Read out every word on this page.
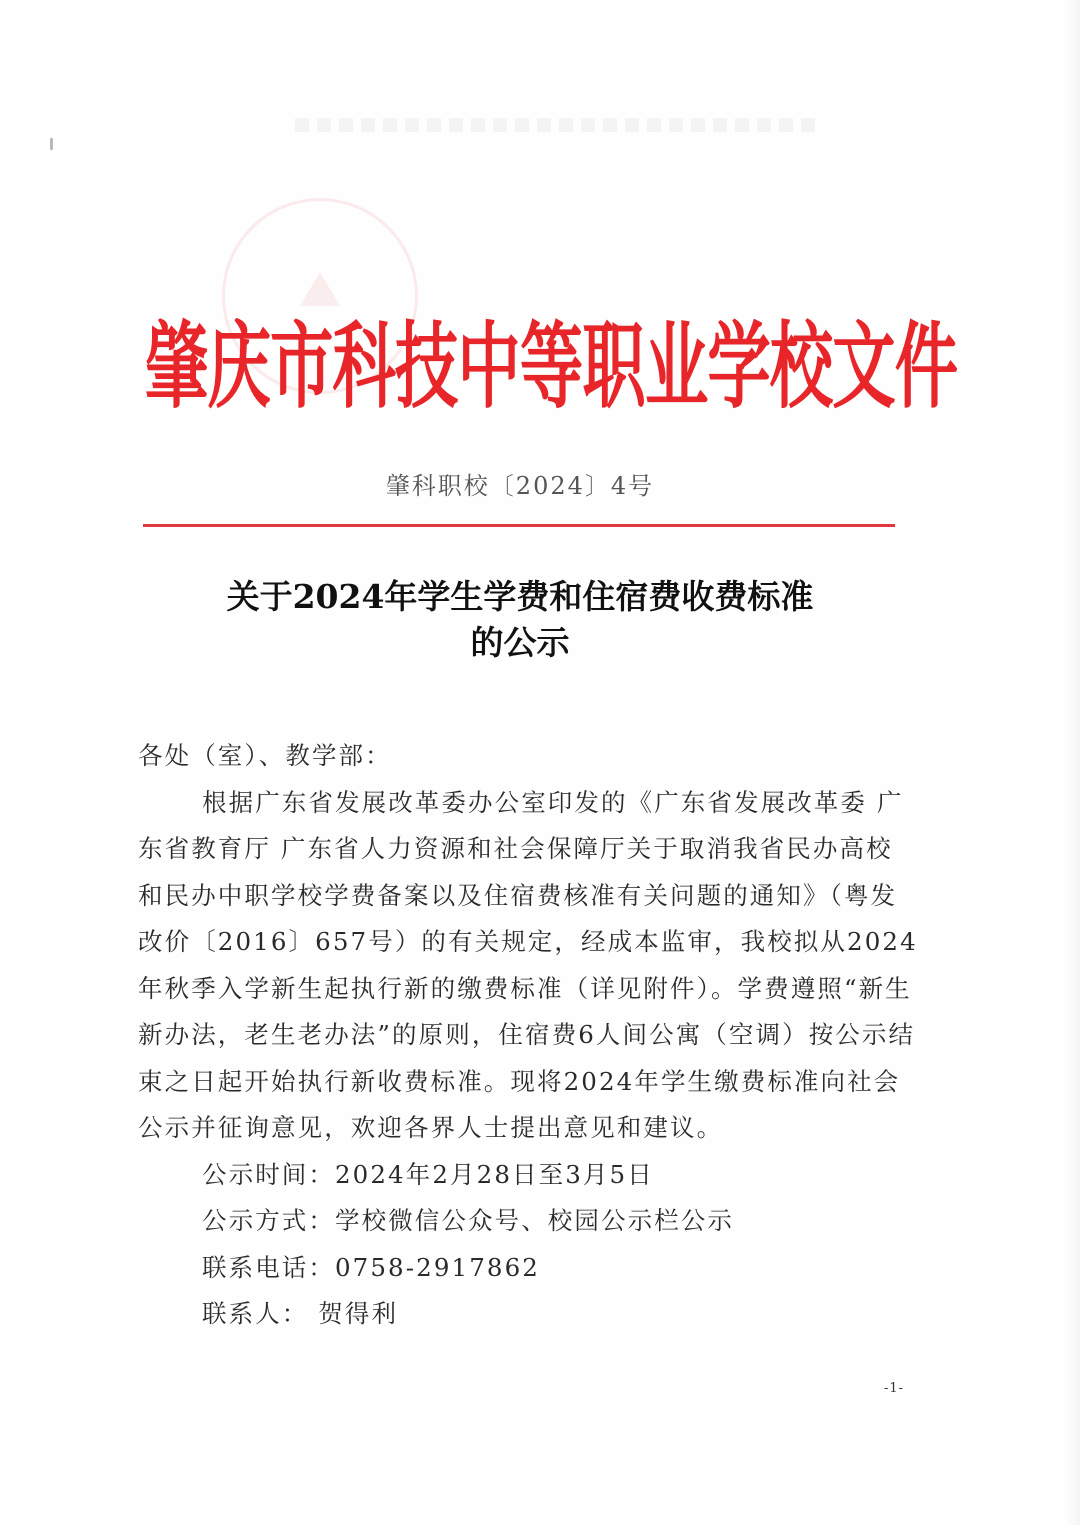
肇庆市科技中等职业学校文件
肇科职校〔2024〕4号
关于2024年学生学费和住宿费收费标准
的公示

各处（室）、教学部：

根据广东省发展改革委办公室印发的《广东省发展改革委 广东省教育厅 广东省人力资源和社会保障厅关于取消我省民办高校和民办中职学校学费备案以及住宿费核准有关问题的通知》（粤发改价〔2016〕657号）的有关规定，经成本监审，我校拟从2024年秋季入学新生起执行新的缴费标准（详见附件）。学费遵照“新生新办法，老生老办法”的原则，住宿费6人间公寓（空调）按公示结束之日起开始执行新收费标准。现将2024年学生缴费标准向社会公示并征询意见，欢迎各界人士提出意见和建议。

公示时间：2024年2月28日至3月5日

公示方式：学校微信公众号、校园公示栏公示

联系电话：0758-2917862

联系人： 贺得利

-1-
